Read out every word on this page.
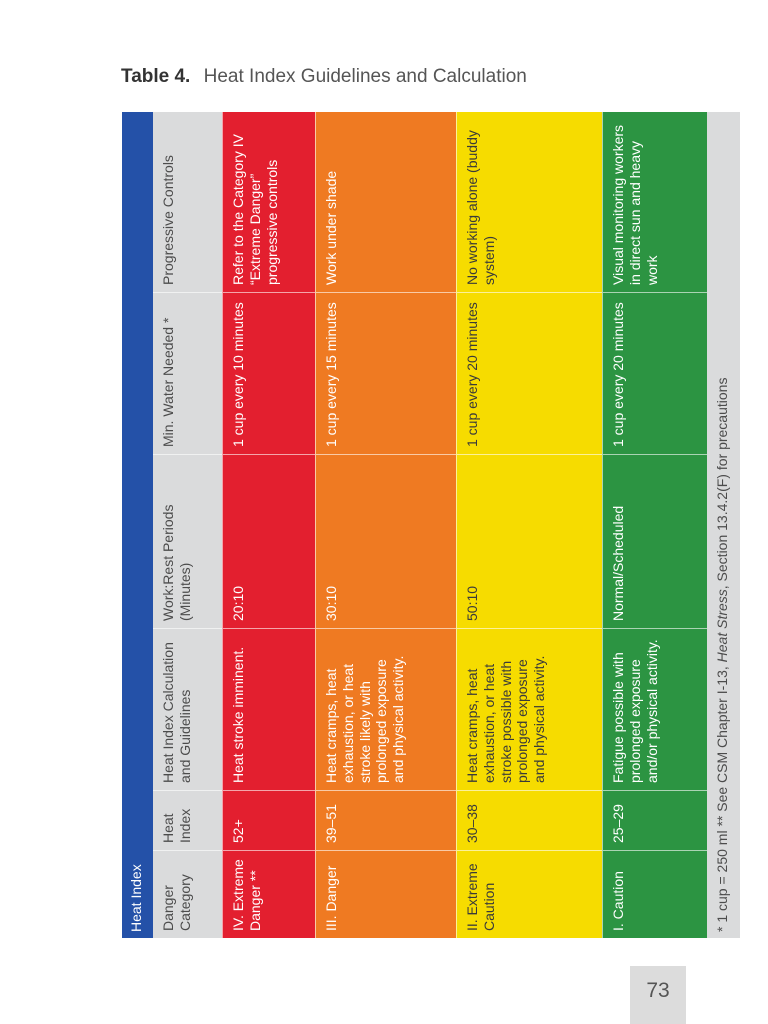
Table 4. Heat Index Guidelines and Calculation
Heat Index	Danger Category
Heat Index
Heat Index Calculation and Guidelines
Work:Rest Periods (Minutes)
Min. Water Needed *
Progressive Controls
IV. Extreme Danger **
52+
Heat stroke imminent.
20:10
1 cup every 10 minutes
Refer to the Category IV “Extreme Danger” progressive controls
III. Danger
39–51
Heat cramps, heat exhaustion, or heat stroke likely with prolonged exposure and physical activity.
30:10
1 cup every 15 minutes
Work under shade
II. Extreme Caution
30–38
Heat cramps, heat exhaustion, or heat stroke possible with prolonged exposure and physical activity.
50:10
1 cup every 20 minutes
No working alone (buddy system)
I. Caution
25–29
Fatigue possible with prolonged exposure and/or physical activity.
Normal/Scheduled
1 cup every 20 minutes
Visual monitoring workers in direct sun and heavy work
* 1 cup = 250 ml ** See CSM Chapter I-13, Heat Stress, Section 13.4.2(F) for precautions
73
